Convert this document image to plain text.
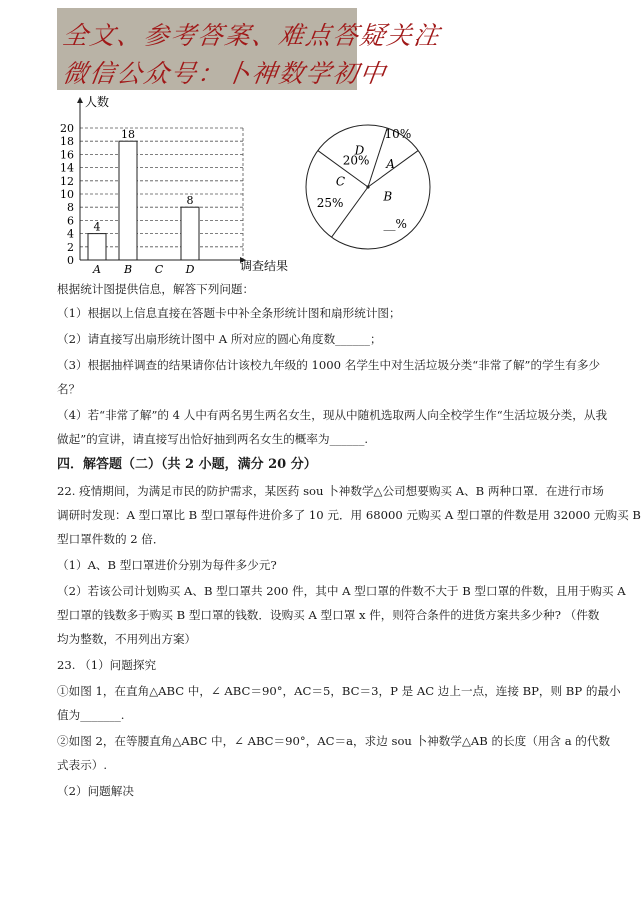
全文、参考答案、难点答疑关注
微信公众号：卜神数学初中
人数
调查结果
0
2
4
6
8
10
12
14
16
18
20
4
A
18
B C
8
D
A
10%
B
__%
C
25%
D
20%
根据统计图提供信息，解答下列问题：
（1）根据以上信息直接在答题卡中补全条形统计图和扇形统计图；
（2）请直接写出扇形统计图中 A 所对应的圆心角度数______；
（3）根据抽样调查的结果请你估计该校九年级的 1000 名学生中对生活垃圾分类“非常了解”的学生有多少
名？
（4）若“非常了解”的 4 人中有两名男生两名女生，现从中随机选取两人向全校学生作“生活垃圾分类，从我
做起”的宣讲，请直接写出恰好抽到两名女生的概率为______.
四．解答题（二）（共 2 小题，满分 20 分）
22. 疫情期间，为满足市民的防护需求，某医药 sou 卜神数学△公司想要购买 A、B 两种口罩．在进行市场
调研时发现：A 型口罩比 B 型口罩每件进价多了 10 元．用 68000 元购买 A 型口罩的件数是用 32000 元购买 B
型口罩件数的 2 倍．
（1）A、B 型口罩进价分别为每件多少元?
（2）若该公司计划购买 A、B 型口罩共 200 件，其中 A 型口罩的件数不大于 B 型口罩的件数，且用于购买 A
型口罩的钱数多于购买 B 型口罩的钱数．设购买 A 型口罩 x 件，则符合条件的进货方案共多少种? （件数
均为整数，不用列出方案）
23. （1）问题探究
①如图 1，在直角△ABC 中，∠ ABC＝90°，AC＝5，BC＝3，P 是 AC 边上一点，连接 BP，则 BP 的最小
值为_______.
②如图 2，在等腰直角△ABC 中，∠ ABC＝90°，AC＝a，求边 sou 卜神数学△AB 的长度（用含 a 的代数
式表示）.
（2）问题解决
